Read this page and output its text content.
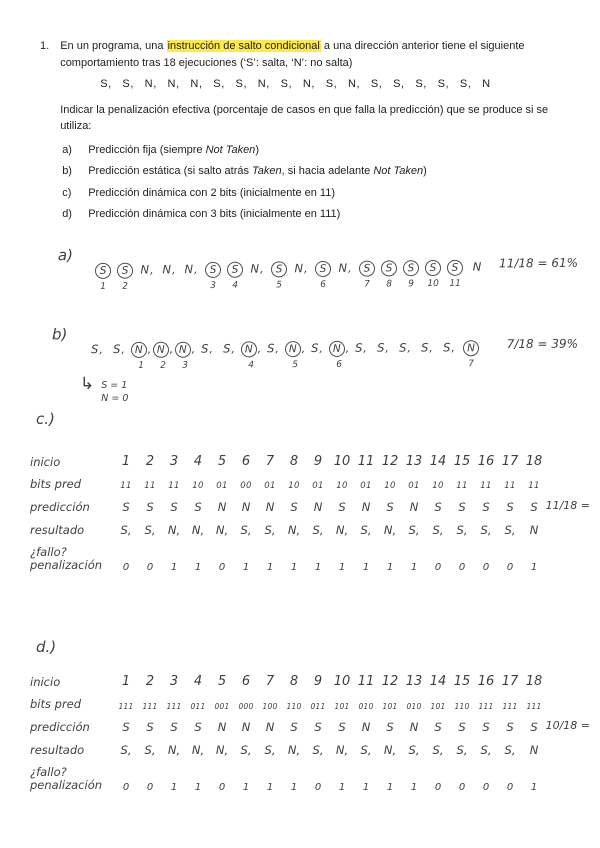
1. En un programa, una instrucción de salto condicional a una dirección anterior tiene el siguiente comportamiento tras 18 ejecuciones (‘S’: salta, ‘N’: no salta)

S, S, N, N, N, S, S, N, S, N, S, N, S, S, S, S, S, N

Indicar la penalización efectiva (porcentaje de casos en que falla la predicción) que se produce si se utiliza:

a)	Predicción fija (siempre Not Taken)
b)	Predicción estática (si salto atrás Taken, si hacia adelante Not Taken)
c)	Predicción dinámica con 2 bits (inicialmente en 11)
d)	Predicción dinámica con 3 bits (inicialmente en 111)
a)
S
1
S
2
N ,
N ,
N ,
	S
3
S
4
N ,
	S
5
N ,
	S
6
N ,
	S
7
S
8
S
9
S
10
S
11
N
11/18 = 61%
b)
S ,
S ,
N ,
1
N ,
2
N ,
3
S ,
S ,
N ,
4
S ,
N ,
5
S ,
N ,
6
S ,
S ,
S ,
S ,
S ,
	N
7
7/18 = 39%
↳ S = 1
N = 0
c.)
inicio	1	2	3	4	5	6	7	8	9 10 11 12 13 14 15 16 17 18
bits pred	11	11	11	10	01	00	01	10	01	10	01	10	01	10	11	11	11	11
predicción	S	S	S	S	N	N	N	S	N	S	N	S	N	S	S	S	S	S 11/18 =
resultado	S,	S,	N,	N,	N,	S,	S,	N,	S,	N,	S,	N,	S,	S,	S,	S,	S,	N
¿fallo? penalización	0	0	1	1	0	1	1	1	1	1	1	1	1	0	0	0	0	1
d.)
inicio	1	2	3	4	5	6	7	8	9 10 11 12 13 14 15 16 17 18
bits pred	111	111	111	011	001	000	100	110	011	101	010	101	010	101	110	111	111	111
predicción	S	S	S	S	N	N	N	S	S	S	N	S	N	S	S	S	S	S 10/18 =
resultado	S,	S,	N,	N,	N,	S,	S,	N,	S,	N,	S,	N,	S,	S,	S,	S,	S,	N
¿fallo? penalización	0	0	1	1	0	1	1	1	0	1	1	1	1	0	0	0	0	1
